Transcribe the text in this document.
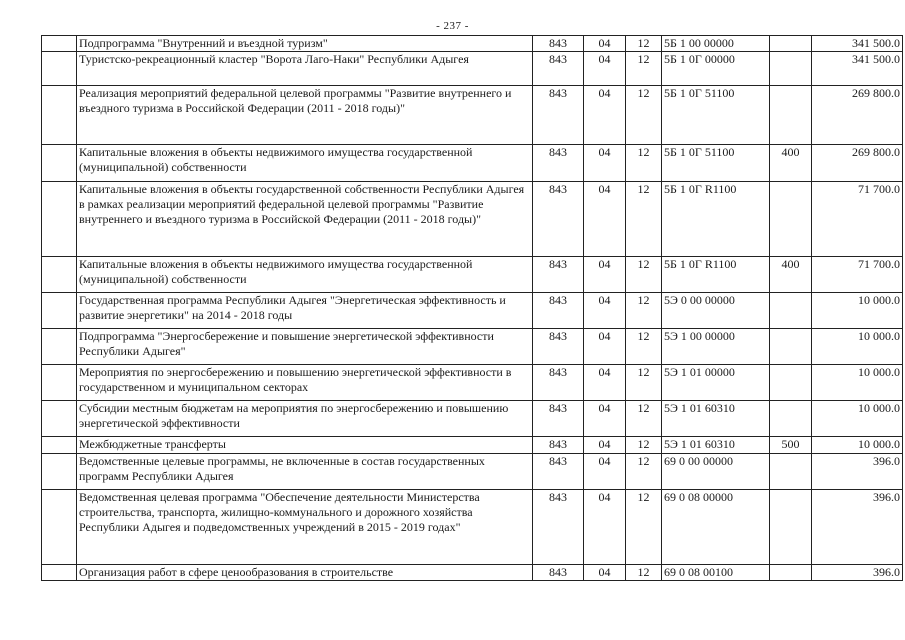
- 237 -
	Подпрограмма "Внутренний и въездной туризм"	843	04	12	5Б 1 00 00000		341 500.0
	Туристско-рекреационный кластер "Ворота Лаго-Наки" Республики Адыгея	843	04	12	5Б 1 0Г 00000		341 500.0
	Реализация мероприятий федеральной целевой программы "Развитие внутреннего и въездного туризма в Российской Федерации (2011 - 2018 годы)"	843	04	12	5Б 1 0Г 51100		269 800.0
	Капитальные вложения в объекты недвижимого имущества государственной (муниципальной) собственности	843	04	12	5Б 1 0Г 51100	400	269 800.0
	Капитальные вложения в объекты государственной собственности Республики Адыгея в рамках реализации мероприятий федеральной целевой программы "Развитие внутреннего и въездного туризма в Российской Федерации (2011 - 2018 годы)"	843	04	12	5Б 1 0Г R1100		71 700.0
	Капитальные вложения в объекты недвижимого имущества государственной (муниципальной) собственности	843	04	12	5Б 1 0Г R1100	400	71 700.0
	Государственная программа Республики Адыгея "Энергетическая эффективность и развитие энергетики" на 2014 - 2018 годы	843	04	12	5Э 0 00 00000		10 000.0
	Подпрограмма "Энергосбережение и повышение энергетической эффективности Республики Адыгея"	843	04	12	5Э 1 00 00000		10 000.0
	Мероприятия по энергосбережению и повышению энергетической эффективности в государственном и муниципальном секторах	843	04	12	5Э 1 01 00000		10 000.0
	Субсидии местным бюджетам на мероприятия по энергосбережению и повышению энергетической эффективности	843	04	12	5Э 1 01 60310		10 000.0
	Межбюджетные трансферты	843	04	12	5Э 1 01 60310	500	10 000.0
	Ведомственные целевые программы, не включенные в состав государственных программ Республики Адыгея	843	04	12	69 0 00 00000		396.0
	Ведомственная целевая программа "Обеспечение деятельности Министерства строительства, транспорта, жилищно-коммунального и дорожного хозяйства Республики Адыгея и подведомственных учреждений в 2015 - 2019 годах"	843	04	12	69 0 08 00000		396.0
	Организация работ в сфере ценообразования в строительстве	843	04	12	69 0 08 00100		396.0
